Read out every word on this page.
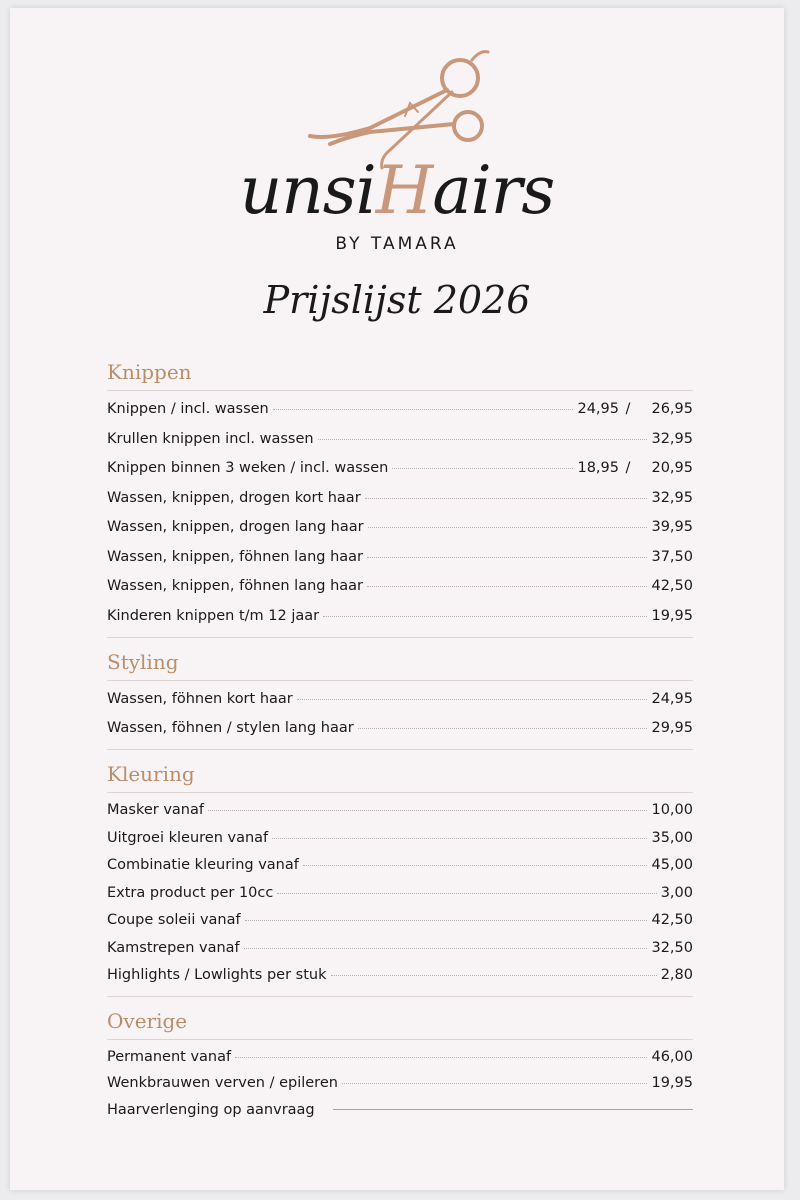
unsiHairs
BY TAMARA
Prijslijst 2026
Knippen
Knippen / incl. wassen	24,95 / 26,95
Krullen knippen incl. wassen	32,95
Knippen binnen 3 weken / incl. wassen	18,95 / 20,95
Wassen, knippen, drogen kort haar	32,95
Wassen, knippen, drogen lang haar	39,95
Wassen, knippen, föhnen lang haar	37,50
Wassen, knippen, föhnen lang haar	42,50
Kinderen knippen t/m 12 jaar	19,95
Styling
Wassen, föhnen kort haar	24,95
Wassen, föhnen / stylen lang haar	29,95
Kleuring
Masker vanaf	10,00
Uitgroei kleuren vanaf	35,00
Combinatie kleuring vanaf	45,00
Extra product per 10cc	3,00
Coupe soleii vanaf	42,50
Kamstrepen vanaf	32,50
Highlights / Lowlights per stuk	2,80
Overige
Permanent vanaf	46,00
Wenkbrauwen verven / epileren	19,95
Haarverlenging op aanvraag
